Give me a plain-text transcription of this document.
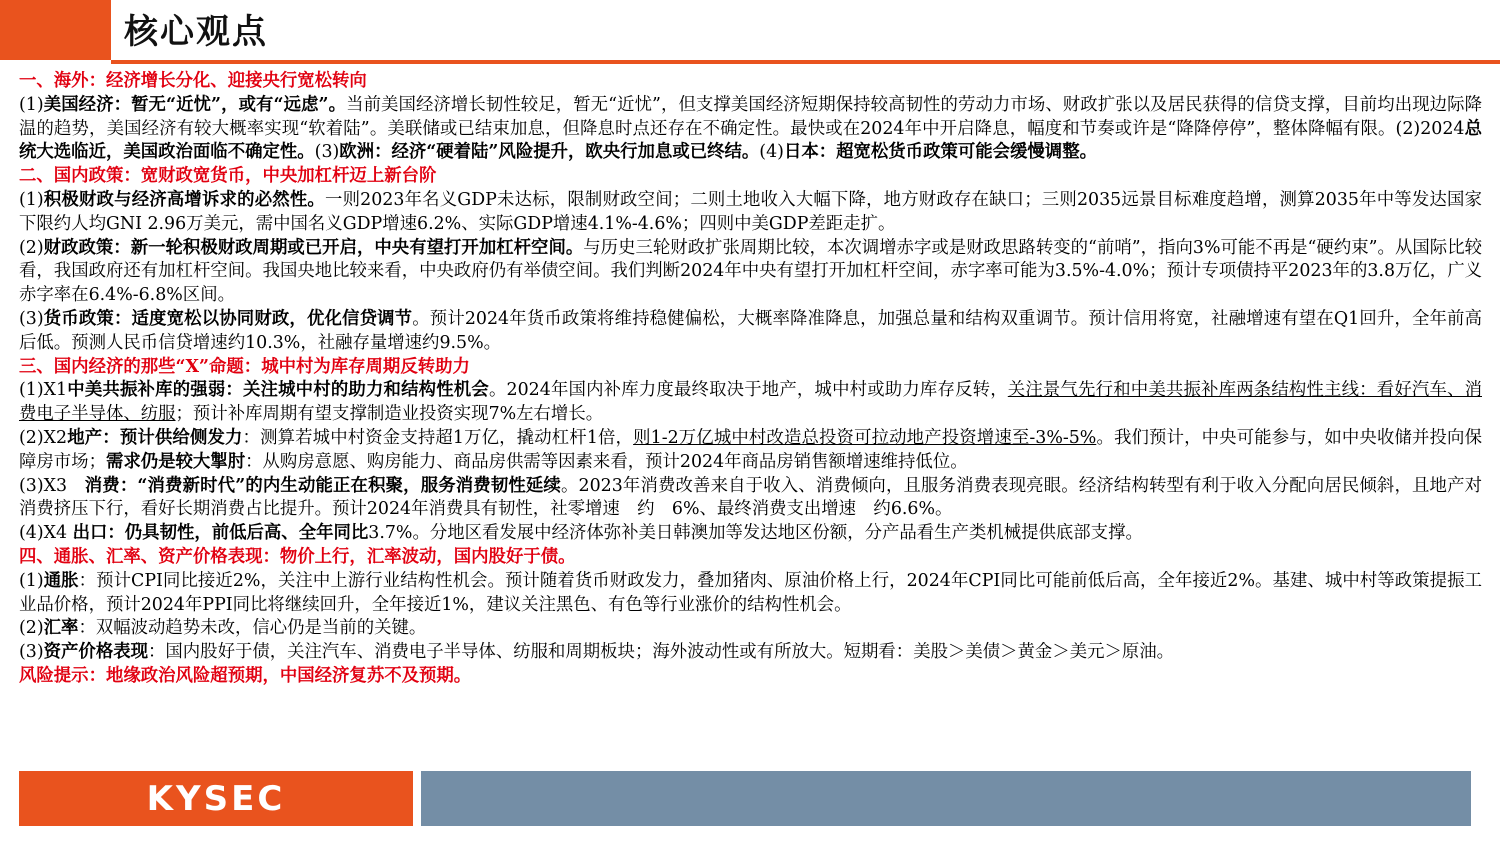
核心观点

一、海外：经济增长分化、迎接央行宽松转向

(1)美国经济：暂无“近忧”，或有“远虑”。当前美国经济增长韧性较足，暂无“近忧”，但支撑美国经济短期保持较高韧性的劳动力市场、财政扩张以及居民获得的信贷支撑，目前均出现边际降温的趋势，美国经济有较大概率实现“软着陆”。美联储或已结束加息，但降息时点还存在不确定性。最快或在2024年中开启降息，幅度和节奏或许是“降降停停”，整体降幅有限。(2)2024总统大选临近，美国政治面临不确定性。(3)欧洲：经济“硬着陆”风险提升，欧央行加息或已终结。(4)日本：超宽松货币政策可能会缓慢调整。

二、国内政策：宽财政宽货币，中央加杠杆迈上新台阶

(1)积极财政与经济高增诉求的必然性。一则2023年名义GDP未达标，限制财政空间；二则土地收入大幅下降，地方财政存在缺口；三则2035远景目标难度趋增，测算2035年中等发达国家下限约人均GNI 2.96万美元，需中国名义GDP增速6.2%、实际GDP增速4.1%-4.6%；四则中美GDP差距走扩。

(2)财政政策：新一轮积极财政周期或已开启，中央有望打开加杠杆空间。与历史三轮财政扩张周期比较，本次调增赤字或是财政思路转变的“前哨”，指向3%可能不再是“硬约束”。从国际比较看，我国政府还有加杠杆空间。我国央地比较来看，中央政府仍有举债空间。我们判断2024年中央有望打开加杠杆空间，赤字率可能为3.5%-4.0%；预计专项债持平2023年的3.8万亿，广义赤字率在6.4%-6.8%区间。

(3)货币政策：适度宽松以协同财政，优化信贷调节。预计2024年货币政策将维持稳健偏松，大概率降准降息，加强总量和结构双重调节。预计信用将宽，社融增速有望在Q1回升，全年前高后低。预测人民币信贷增速约10.3%，社融存量增速约9.5%。

三、国内经济的那些“X”命题：城中村为库存周期反转助力

(1)X1中美共振补库的强弱：关注城中村的助力和结构性机会。2024年国内补库力度最终取决于地产，城中村或助力库存反转，关注景气先行和中美共振补库两条结构性主线：看好汽车、消费电子半导体、纺服；预计补库周期有望支撑制造业投资实现7%左右增长。

(2)X2地产：预计供给侧发力：测算若城中村资金支持超1万亿，撬动杠杆1倍，则1-2万亿城中村改造总投资可拉动地产投资增速至-3%-5%。我们预计，中央可能参与，如中央收储并投向保障房市场；需求仍是较大掣肘：从购房意愿、购房能力、商品房供需等因素来看，预计2024年商品房销售额增速维持低位。

(3)X3　消费：“消费新时代”的内生动能正在积聚，服务消费韧性延续。2023年消费改善来自于收入、消费倾向，且服务消费表现亮眼。经济结构转型有利于收入分配向居民倾斜，且地产对消费挤压下行，看好长期消费占比提升。预计2024年消费具有韧性，社零增速　约　6%、最终消费支出增速　约6.6%。

(4)X4 出口：仍具韧性，前低后高、全年同比3.7%。分地区看发展中经济体弥补美日韩澳加等发达地区份额，分产品看生产类机械提供底部支撑。

四、通胀、汇率、资产价格表现：物价上行，汇率波动，国内股好于债。

(1)通胀：预计CPI同比接近2%，关注中上游行业结构性机会。预计随着货币财政发力，叠加猪肉、原油价格上行，2024年CPI同比可能前低后高，全年接近2%。基建、城中村等政策提振工业品价格，预计2024年PPI同比将继续回升，全年接近1%，建议关注黑色、有色等行业涨价的结构性机会。

(2)汇率：双幅波动趋势未改，信心仍是当前的关键。

(3)资产价格表现：国内股好于债，关注汽车、消费电子半导体、纺服和周期板块；海外波动性或有所放大。短期看：美股＞美债＞黄金＞美元＞原油。

风险提示：地缘政治风险超预期，中国经济复苏不及预期。

KYSEC
